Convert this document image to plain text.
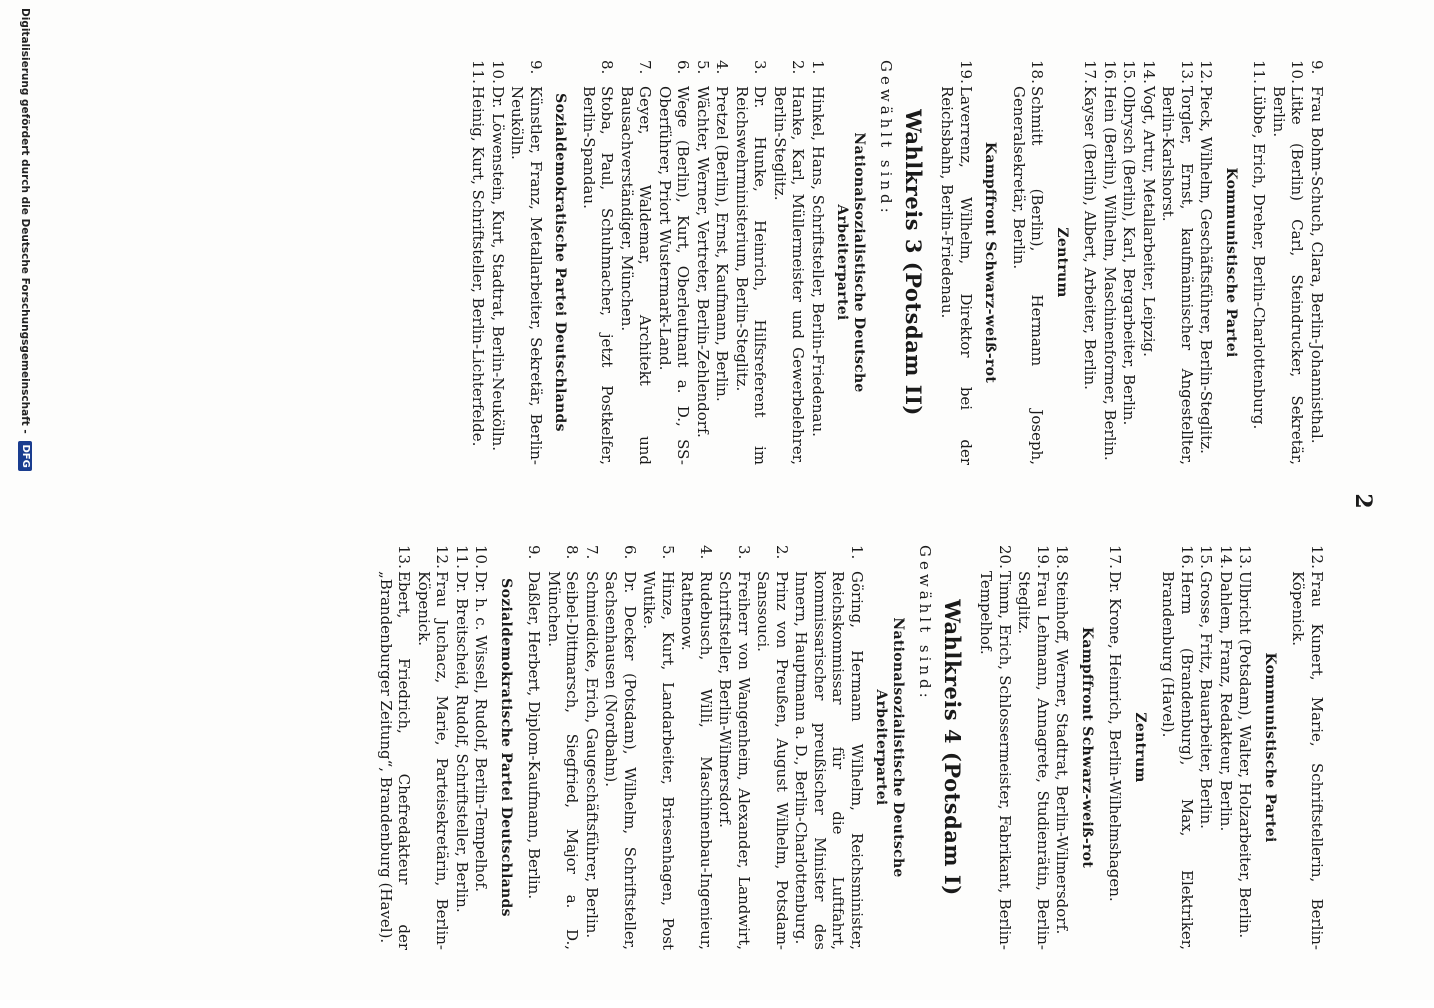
2
9.
Frau Bohm-Schuch, Clara, Berlin-Johannisthal.
10.
Litke (Berlin) Carl, Steindrucker, Sekretär, Berlin.
11.
Lübbe, Erich, Dreher, Berlin-Charlottenburg.
Kommunistische Partei
12.
Pieck, Wilhelm, Geschäftsführer, Berlin-Steglitz.
13.
Torgler, Ernst, kaufmännischer Angestellter, Berlin-Karlshorst.
14.
Vogt, Artur, Metallarbeiter, Leipzig.
15.
Olbrysch (Berlin), Karl, Bergarbeiter, Berlin.
16.
Hein (Berlin), Wilhelm, Maschinenformer, Berlin.
17.
Kayser (Berlin), Albert, Arbeiter, Berlin.
Zentrum
18.
Schmitt (Berlin), Hermann Joseph, Generalsekretär, Berlin.
Kampffront Schwarz-weiß-rot
19.
Laverrenz, Wilhelm, Direktor bei der Reichsbahn, Berlin-Friedenau.
Wahlkreis 3 (Potsdam II)
Gewählt sind:
Nationalsozialistische Deutsche Arbeiterpartei
1.
Hinkel, Hans, Schriftsteller, Berlin-Friedenau.
2.
Hanke, Karl, Müllermeister und Gewerbelehrer, Berlin-Steglitz.
3.
Dr. Hunke, Heinrich, Hilfsreferent im Reichswehrministerium, Berlin-Steglitz.
4.
Pretzel (Berlin), Ernst, Kaufmann, Berlin.
5.
Wächter, Werner, Vertreter, Berlin-Zehlendorf.
6.
Wege (Berlin), Kurt, Oberleutnant a. D., SS-Oberführer, Priort Wustermark-Land.
7.
Geyer, Waldemar, Architekt und Bausachverständiger, München.
8.
Stoba, Paul, Schuhmacher, jetzt Postkelfer, Berlin-Spandau.
Sozialdemokratische Partei Deutschlands
9.
Künstler, Franz, Metallarbeiter, Sekretär, Berlin-Neukölln.
10.
Dr. Löwenstein, Kurt, Stadtrat, Berlin-Neukölln.
11.
Heinig, Kurt, Schriftsteller, Berlin-Lichterfelde.
12.
Frau Kunert, Marie, Schriftstellerin, Berlin-Köpenick.
Kommunistische Partei
13.
Ulbricht (Potsdam), Walter, Holzarbeiter, Berlin.
14.
Dahlem, Franz, Redakteur, Berlin.
15.
Grosse, Fritz, Bauarbeiter, Berlin.
16.
Herm (Brandenburg), Max, Elektriker, Brandenburg (Havel).
Zentrum
17.
Dr. Krone, Heinrich, Berlin-Wilhelmshagen.
Kampffront Schwarz-weiß-rot
18.
Steinhoff, Werner, Stadtrat, Berlin-Wilmersdorf.
19.
Frau Lehmann, Annagrete, Studienrätin, Berlin-Steglitz.
20.
Timm, Erich, Schlossermeister, Fabrikant, Berlin-Tempelhof.
Wahlkreis 4 (Potsdam I)
Gewählt sind:
Nationalsozialistische Deutsche Arbeiterpartei
1.
Göring, Hermann Wilhelm, Reichsminister, Reichskommissar für die Luftfahrt, kommissarischer preußischer Minister des Innern, Hauptmann a. D., Berlin-Charlottenburg.
2.
Prinz von Preußen, August Wilhelm, Potsdam-Sanssouci.
3.
Freiherr von Wangenheim, Alexander, Landwirt, Schriftsteller, Berlin-Wilmersdorf.
4.
Rudebusch, Willi, Maschinenbau-Ingenieur, Rathenow.
5.
Hinze, Kurt, Landarbeiter, Briesenhagen, Post Wutike.
6.
Dr. Decker (Potsdam), Wilhelm, Schriftsteller, Sachsenhausen (Nordbahn).
7.
Schmiedicke, Erich, Gaugeschäftsführer, Berlin.
8.
Seibel-Dittmarsch, Siegfried, Major a. D., München.
9.
Daßler, Herbert, Diplom-Kaufmann, Berlin.
Sozialdemokratische Partei Deutschlands
10.
Dr. h. c. Wissell, Rudolf, Berlin-Tempelhof.
11.
Dr. Breitscheid, Rudolf, Schriftsteller, Berlin.
12.
Frau Juchacz, Marie, Parteisekretärin, Berlin-Köpenick.
13.
Ebert, Friedrich, Chefredakteur der „Brandenburger Zeitung“, Brandenburg (Havel).
Digitalisierung gefördert durch die Deutsche Forschungsgemeinschaft - DFG
